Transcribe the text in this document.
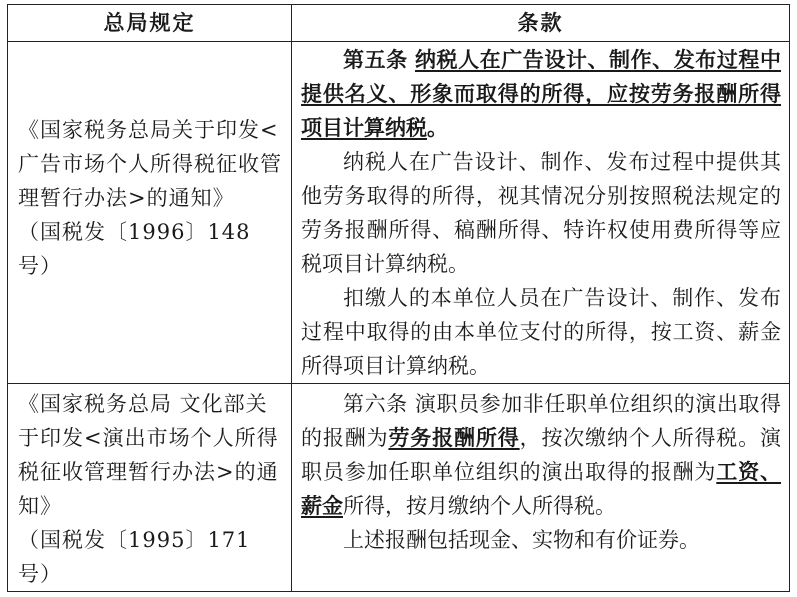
总局规定	条款

《国家税务总局关于印发<广告市场个人所得税征收管理暂行办法>的通知》

（国税发〔1996〕148号）

第五条 纳税人在广告设计、制作、发布过程中提供名义、形象而取得的所得，应按劳务报酬所得项目计算纳税。

纳税人在广告设计、制作、发布过程中提供其他劳务取得的所得，视其情况分别按照税法规定的劳务报酬所得、稿酬所得、特许权使用费所得等应税项目计算纳税。

扣缴人的本单位人员在广告设计、制作、发布过程中取得的由本单位支付的所得，按工资、薪金所得项目计算纳税。

《国家税务总局 文化部关于印发<演出市场个人所得税征收管理暂行办法>的通知》

（国税发〔1995〕171号）

第六条 演职员参加非任职单位组织的演出取得的报酬为劳务报酬所得，按次缴纳个人所得税。演职员参加任职单位组织的演出取得的报酬为工资、薪金所得，按月缴纳个人所得税。

上述报酬包括现金、实物和有价证券。
